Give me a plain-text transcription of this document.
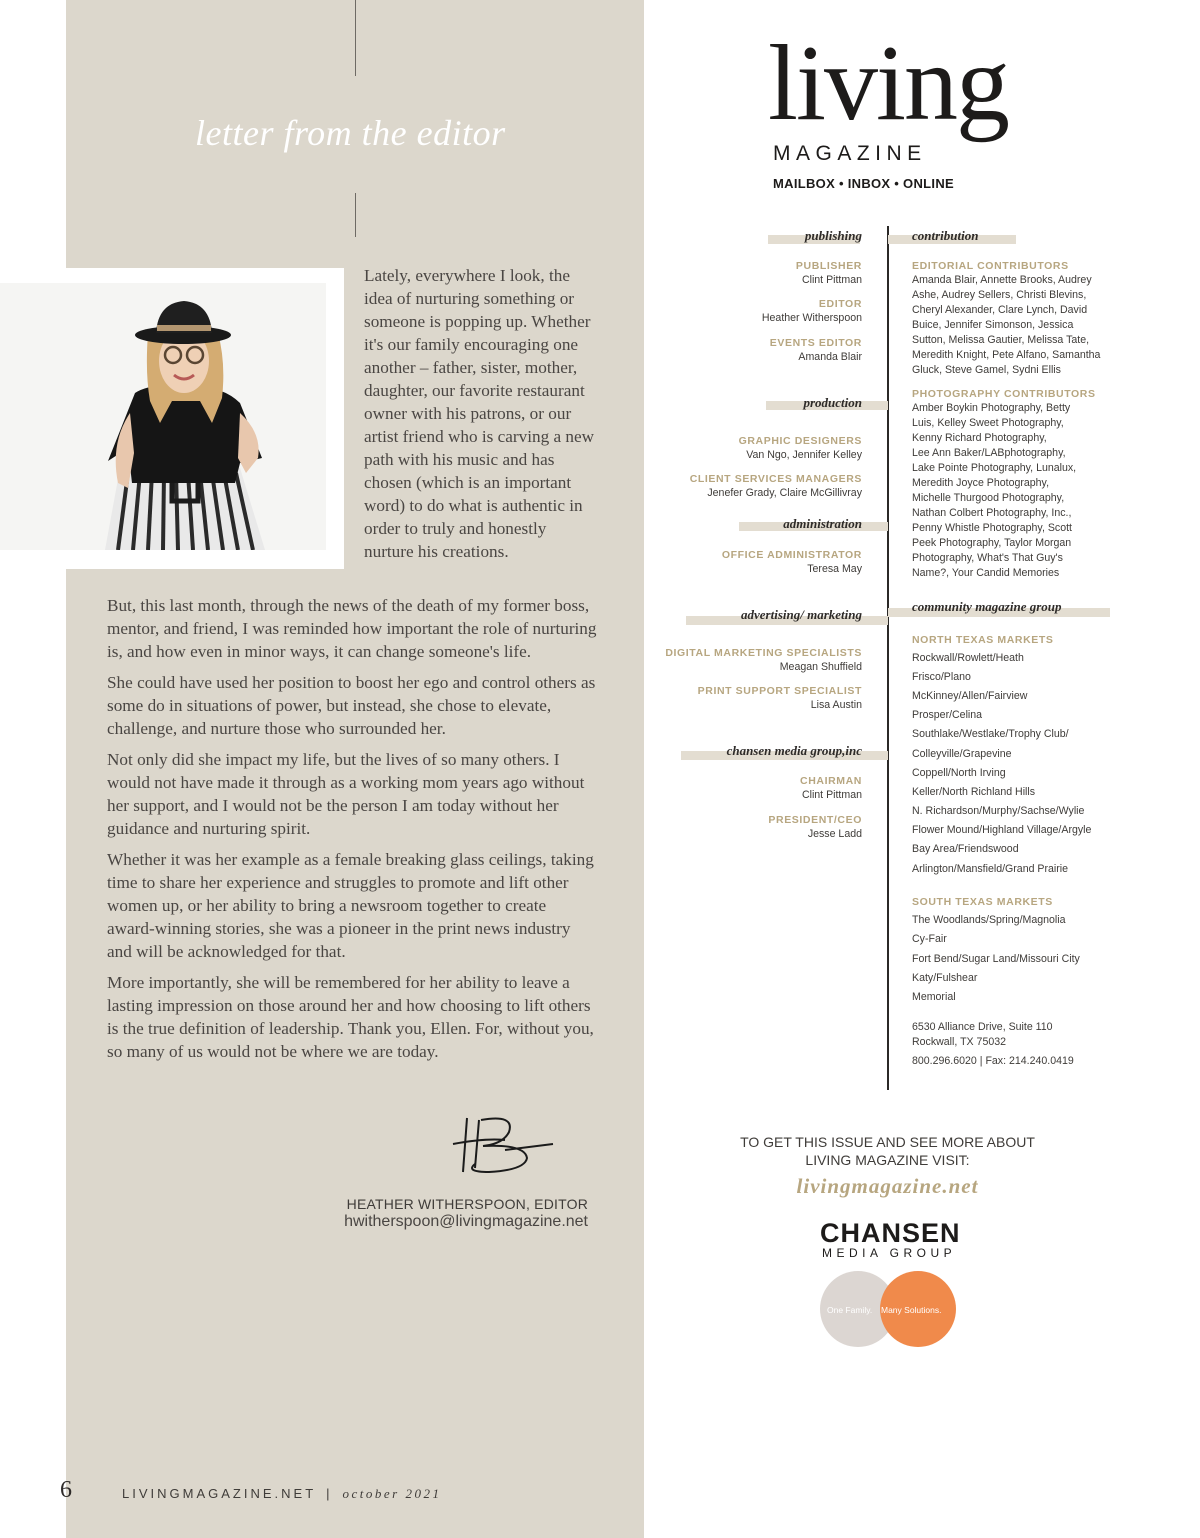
letter from the editor
Lately, everywhere I look, the idea of nurturing something or someone is popping up. Whether it's our family encouraging one another – father, sister, mother, daughter, our favorite restaurant owner with his patrons, or our artist friend who is carving a new path with his music and has chosen (which is an important word) to do what is authentic in order to truly and honestly nurture his creations.

But, this last month, through the news of the death of my former boss, mentor, and friend, I was reminded how important the role of nurturing is, and how even in minor ways, it can change someone's life.

She could have used her position to boost her ego and control others as some do in situations of power, but instead, she chose to elevate, challenge, and nurture those who surrounded her.

Not only did she impact my life, but the lives of so many others. I would not have made it through as a working mom years ago without her support, and I would not be the person I am today without her guidance and nurturing spirit.

Whether it was her example as a female breaking glass ceilings, taking time to share her experience and struggles to promote and lift other women up, or her ability to bring a newsroom together to create award-winning stories, she was a pioneer in the print news industry and will be acknowledged for that.

More importantly, she will be remembered for her ability to leave a lasting impression on those around her and how choosing to lift others is the true definition of leadership. Thank you, Ellen. For, without you, so many of us would not be where we are today.

HEATHER WITHERSPOON, EDITOR
hwitherspoon@livingmagazine.net
6	LIVINGMAGAZINE.NET | october 2021
living
MAGAZINE
MAILBOX • INBOX • ONLINE
publishing
PUBLISHER
Clint Pittman
EDITOR
Heather Witherspoon
EVENTS EDITOR
Amanda Blair
production
GRAPHIC DESIGNERS
Van Ngo, Jennifer Kelley
CLIENT SERVICES MANAGERS
Jenefer Grady, Claire McGillivray
administration
OFFICE ADMINISTRATOR
Teresa May
advertising/ marketing
DIGITAL MARKETING SPECIALISTS
Meagan Shuffield
PRINT SUPPORT SPECIALIST
Lisa Austin
chansen media group,inc
CHAIRMAN
Clint Pittman
PRESIDENT/CEO
Jesse Ladd
contribution
EDITORIAL CONTRIBUTORS
Amanda Blair, Annette Brooks, Audrey
Ashe, Audrey Sellers, Christi Blevins,
Cheryl Alexander, Clare Lynch, David
Buice, Jennifer Simonson, Jessica
Sutton, Melissa Gautier, Melissa Tate,
Meredith Knight, Pete Alfano, Samantha
Gluck, Steve Gamel, Sydni Ellis
PHOTOGRAPHY CONTRIBUTORS
Amber Boykin Photography, Betty
Luis, Kelley Sweet Photography,
Kenny Richard Photography,
Lee Ann Baker/LABphotography,
Lake Pointe Photography, Lunalux,
Meredith Joyce Photography,
Michelle Thurgood Photography,
Nathan Colbert Photography, Inc.,
Penny Whistle Photography, Scott
Peek Photography, Taylor Morgan
Photography, What's That Guy's
Name?, Your Candid Memories
community magazine group
NORTH TEXAS MARKETS
Rockwall/Rowlett/Heath
Frisco/Plano
McKinney/Allen/Fairview
Prosper/Celina
Southlake/Westlake/Trophy Club/
Colleyville/Grapevine
Coppell/North Irving
Keller/North Richland Hills
N. Richardson/Murphy/Sachse/Wylie
Flower Mound/Highland Village/Argyle
Bay Area/Friendswood
Arlington/Mansfield/Grand Prairie
SOUTH TEXAS MARKETS
The Woodlands/Spring/Magnolia
Cy-Fair
Fort Bend/Sugar Land/Missouri City
Katy/Fulshear
Memorial
6530 Alliance Drive, Suite 110
Rockwall, TX 75032
800.296.6020 | Fax: 214.240.0419
TO GET THIS ISSUE AND SEE MORE ABOUT
LIVING MAGAZINE VISIT:
livingmagazine.net
CHANSEN
MEDIA GROUP
One Family. Many Solutions.
